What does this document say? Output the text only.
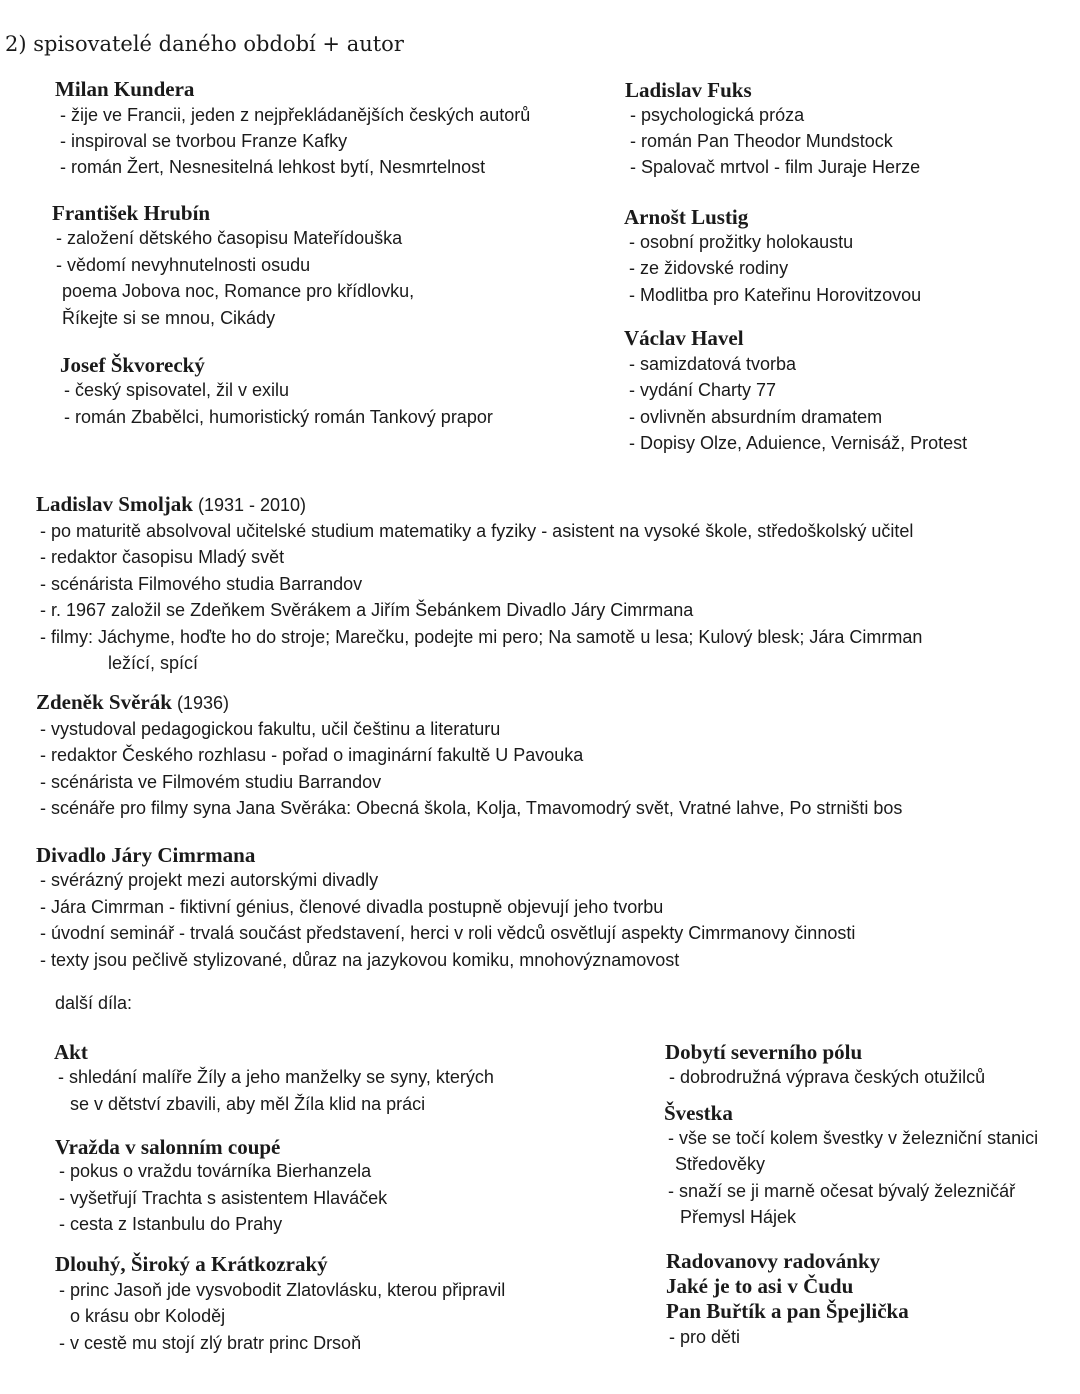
2) spisovatelé daného období + autor
Milan Kundera
- žije ve Francii, jeden z nejpřekládanějších českých autorů
- inspiroval se tvorbou Franze Kafky
- román Žert, Nesnesitelná lehkost bytí, Nesmrtelnost
František Hrubín
- založení dětského časopisu Mateřídouška
- vědomí nevyhnutelnosti osudu
poema Jobova noc, Romance pro křídlovku,
Říkejte si se mnou, Cikády
Josef Škvorecký
- český spisovatel, žil v exilu
- román Zbabělci, humoristický román Tankový prapor
Ladislav Fuks
- psychologická próza
- román Pan Theodor Mundstock
- Spalovač mrtvol - film Juraje Herze
Arnošt Lustig
- osobní prožitky holokaustu
- ze židovské rodiny
- Modlitba pro Kateřinu Horovitzovou
Václav Havel
- samizdatová tvorba
- vydání Charty 77
- ovlivněn absurdním dramatem
- Dopisy Olze, Aduience, Vernisáž, Protest
Ladislav Smoljak (1931 - 2010)
- po maturitě absolvoval učitelské studium matematiky a fyziky - asistent na vysoké škole, středoškolský učitel
- redaktor časopisu Mladý svět
- scénárista Filmového studia Barrandov
- r. 1967 založil se Zdeňkem Svěrákem a Jiřím Šebánkem Divadlo Járy Cimrmana
- filmy: Jáchyme, hoďte ho do stroje; Marečku, podejte mi pero; Na samotě u lesa; Kulový blesk; Jára Cimrman
ležící, spící
Zdeněk Svěrák (1936)
- vystudoval pedagogickou fakultu, učil češtinu a literaturu
- redaktor Českého rozhlasu - pořad o imaginární fakultě U Pavouka
- scénárista ve Filmovém studiu Barrandov
- scénáře pro filmy syna Jana Svěráka: Obecná škola, Kolja, Tmavomodrý svět, Vratné lahve, Po strništi bos
Divadlo Járy Cimrmana
- svérázný projekt mezi autorskými divadly
- Jára Cimrman - fiktivní génius, členové divadla postupně objevují jeho tvorbu
- úvodní seminář - trvalá součást představení, herci v roli vědců osvětlují aspekty Cimrmanovy činnosti
- texty jsou pečlivě stylizované, důraz na jazykovou komiku, mnohovýznamovost
další díla:
Akt
- shledání malíře Žíly a jeho manželky se syny, kterých
se v dětství zbavili, aby měl Žíla klid na práci
Vražda v salonním coupé
- pokus o vraždu továrníka Bierhanzela
- vyšetřují Trachta s asistentem Hlaváček
- cesta z Istanbulu do Prahy
Dlouhý, Široký a Krátkozraký
- princ Jasoň jde vysvobodit Zlatovlásku, kterou připravil
o krásu obr Koloděj
- v cestě mu stojí zlý bratr princ Drsoň
Dobytí severního pólu
- dobrodružná výprava českých otužilců
Švestka
- vše se točí kolem švestky v železniční stanici
Středověky
- snaží se ji marně očesat bývalý železničář
Přemysl Hájek
Radovanovy radovánky
Jaké je to asi v Čudu
Pan Buřtík a pan Špejlička
- pro děti
